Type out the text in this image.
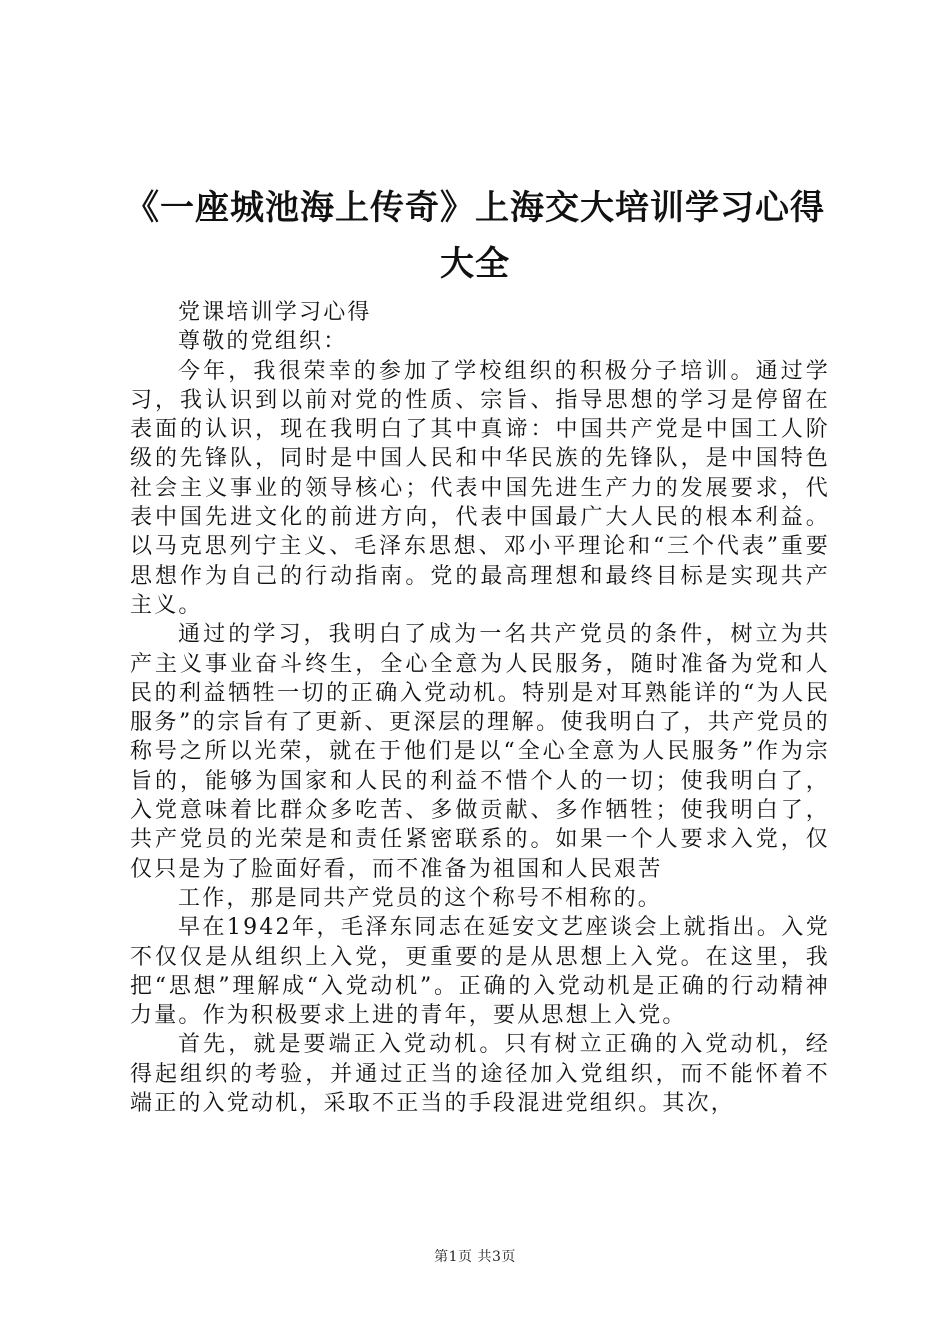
《一座城池海上传奇》上海交大培训学习心得
大全

党课培训学习心得

尊敬的党组织：

今年，我很荣幸的参加了学校组织的积极分子培训。通过学习，我认识到以前对党的性质、宗旨、指导思想的学习是停留在表面的认识，现在我明白了其中真谛：中国共产党是中国工人阶级的先锋队，同时是中国人民和中华民族的先锋队，是中国特色社会主义事业的领导核心；代表中国先进生产力的发展要求，代表中国先进文化的前进方向，代表中国最广大人民的根本利益。以马克思列宁主义、毛泽东思想、邓小平理论和“三个代表”重要思想作为自己的行动指南。党的最高理想和最终目标是实现共产主义。

通过的学习，我明白了成为一名共产党员的条件，树立为共产主义事业奋斗终生，全心全意为人民服务，随时准备为党和人民的利益牺牲一切的正确入党动机。特别是对耳熟能详的“为人民服务”的宗旨有了更新、更深层的理解。使我明白了，共产党员的称号之所以光荣，就在于他们是以“全心全意为人民服务”作为宗旨的，能够为国家和人民的利益不惜个人的一切；使我明白了，入党意味着比群众多吃苦、多做贡献、多作牺牲；使我明白了，共产党员的光荣是和责任紧密联系的。如果一个人要求入党，仅仅只是为了脸面好看，而不准备为祖国和人民艰苦

工作，那是同共产党员的这个称号不相称的。

早在1942年，毛泽东同志在延安文艺座谈会上就指出。入党不仅仅是从组织上入党，更重要的是从思想上入党。在这里，我把“思想”理解成“入党动机”。正确的入党动机是正确的行动精神力量。作为积极要求上进的青年，要从思想上入党。

首先，就是要端正入党动机。只有树立正确的入党动机，经得起组织的考验，并通过正当的途径加入党组织，而不能怀着不端正的入党动机，采取不正当的手段混进党组织。其次，

第1页 共3页
